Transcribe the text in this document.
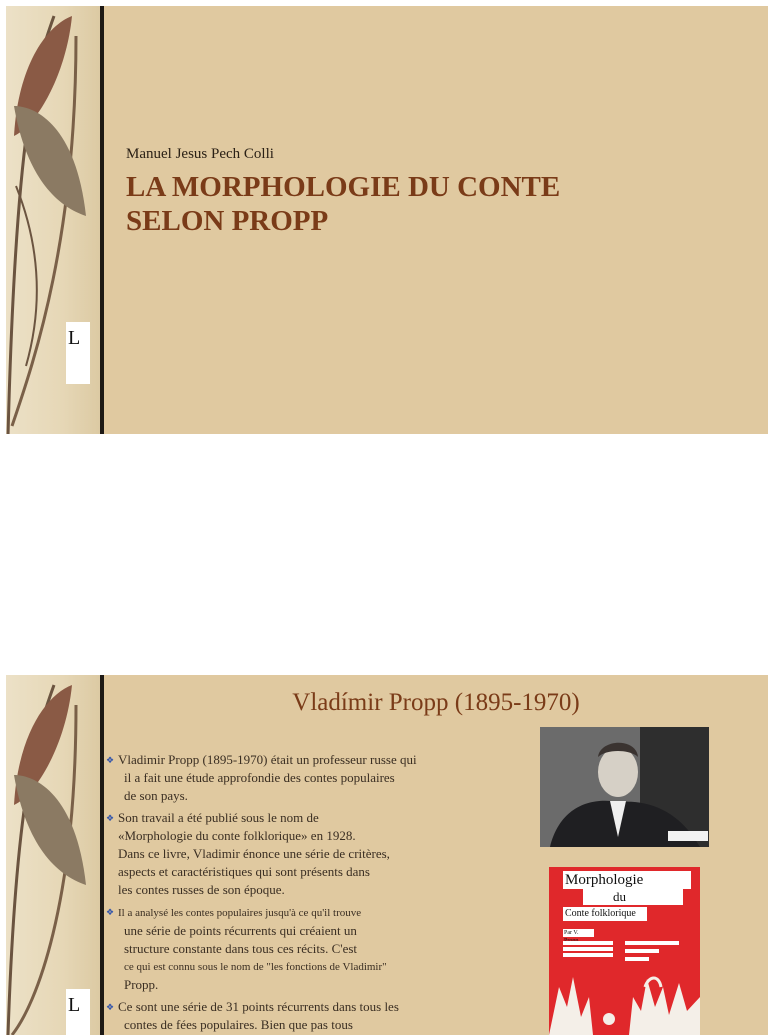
L
Manuel Jesus Pech Colli
LA MORPHOLOGIE DU CONTE SELON PROPP
L
Vladímir Propp (1895-1970)
❖ Vladimir Propp (1895-1970) était un professeur russe qui

il a fait une étude approfondie des contes populaires
de son pays.
❖ Son travail a été publié sous le nom de
«Morphologie du conte folklorique» en 1928.
Dans ce livre, Vladimir énonce une série de critères,
aspects et caractéristiques qui sont présents dans
les contes russes de son époque.
❖ Il a analysé les contes populaires jusqu'à ce qu'il trouve

une série de points récurrents qui créaient un
structure constante dans tous ces récits. C'est
ce qui est connu sous le nom de "les fonctions de Vladimir"
Propp.
❖ Ce sont une série de 31 points récurrents dans tous les

contes de fées populaires. Bien que pas tous
Morphologie
du
Conte folklorique
Par V.
